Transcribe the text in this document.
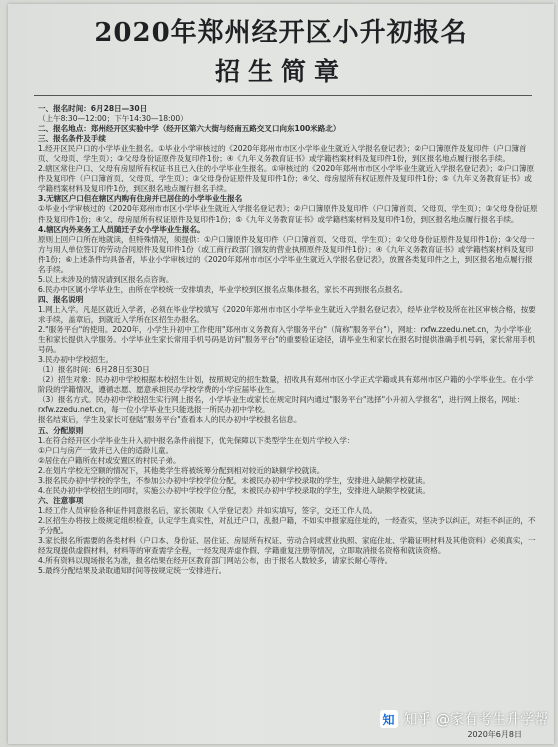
2020年郑州经开区小升初报名
招生简章

一、报名时间：6月28日—30日

（上午8:30—12:00；下午14:30—18:00）

二、报名地点：郑州经开区实验中学（经开区第六大街与经南五路交叉口向东100米路北）

三、报名条件及手续

1.经开区民户口的小学毕业生报名。①毕业小学审核过的《2020年郑州市市区小学毕业生就近入学报名登记表》；②户口簿原件及复印件（户口簿首页、父母页、学生页）；③父母身份证原件及复印件1份；④《九年义务教育证书》或学籍档案材料及复印件1份，到区报名地点履行报名手续。

2.辖区常住户口、父母有房屋所有权证书且已入住的小学毕业生报名。①审核过的《2020年郑州市市区小学毕业生就近入学报名登记表》；②户口簿原件及复印件（户口簿首页、父母页、学生页）；③父母身份证原件及复印件1份；④父、母房屋所有权证原件及复印件1份；⑤《九年义务教育证书》或学籍档案材料及复印件1份，到区报名地点履行报名手续。

3.无辖区户口但在辖区内购有住房并已居住的小学毕业生报名

①毕业小学审核过的《2020年郑州市市区小学毕业生就近入学报名登记表》；②户口簿原件及复印件（户口簿首页、父母页、学生页）；③父母身份证原件及复印件1份；④父、母房屋所有权证原件及复印件1份；⑤《九年义务教育证书》或学籍档案材料及复印件1份，到区报名地点履行报名手续。

4.辖区内外来务工人员随迁子女小学毕业生报名。

原则上回户口所在地就读，但特殊情况，须提供：①户口簿原件及复印件（户口簿首页、父母页、学生页）；②父母身份证原件及复印件1份；③父母一方与用人单位签订的劳动合同原件及复印件1份（或工商行政部门颁发的营业执照原件及复印件1份）；④《九年义务教育证书》或学籍档案材料及复印件1份；⑥上述条件均具备者，毕业小学审核过的《2020年郑州市市区小学毕业生就近入学报名登记表》，放置各类复印件之上，到区报名地点履行报名手续。

5.以上未涉及的情况请到区报名点咨询。

6.民办中区属小学毕业生，由所在学校统一安排填表，毕业学校到区报名点集体报名，家长不再到报名点报名。

四、报名说明

1.网上入学。凡是区就近入学者，必须在毕业学校填写《2020年郑州市市区小学毕业生就近入学报名登记表》，经毕业学校及所在社区审核合格，按要求手续，盖章后，到就近入学所在区招生办报名。

2."服务平台"的使用。2020年，小学生升初中工作使用"郑州市义务教育入学服务平台"（简称"服务平台"），网址：rxfw.zzedu.net.cn，为小学毕业生和家长提供入学服务。小学毕业生家长常用手机号码是访问"服务平台"的重要验证途径，请毕业生和家长在报名时提供准确手机号码，家长常用手机号码。

3.民办初中学校招生。

（1）报名时间：6月28日至30日

（2）招生对象：民办初中学校根据本校招生计划，按照规定的招生数量，招收具有郑州市区小学正式学籍或具有郑州市区户籍的小学毕业生。在小学阶段的学籍情况，遵循志愿、愿意承担民办学校学费的小学应届毕业生。

（3）报名方式。民办初中学校招生实行网上报名，小学毕业生或家长在规定时间内通过"服务平台"选择"小升初入学报名"，进行网上报名，网址：rxfw.zzedu.net.cn，每一位小学毕业生只能选报一所民办初中学校。

报名结束后，学生及家长可登陆"服务平台"查看本人的民办初中学校报名信息。

五、分配原则

1.在符合经开区小学毕业生升入初中报名条件前提下，优先保障以下类型学生在划片学校入学：

①户口与房产一致并已入住的适龄儿童。

②居住在户籍所在村或安置区的村民子弟。

2.在划片学校无空额的情况下，其他类学生将被统筹分配到相对较近的缺额学校就读。

3.报名民办初中学校的学生，不参加公办初中学校学位分配，未被民办初中学校录取的学生，安排进入缺额学校就读。

4.在民办初中学校招生的同时，实施公办初中学校学位分配，未被民办初中学校录取的学生，安排进入缺额学校就读。

六、注意事项

1.经工作人员审验各种证件同意报名后，家长领取《入学登记表》并如实填写，签字，交还工作人员。

2.区招生办将按上级规定组织检查，认定学生真实性，对乱迁户口，乱报户籍，不如实申报家庭住址的，一经查实，坚决予以纠正，对拒不纠正的，不予分配。

3.家长报名所需要的各类材料（户口本、身份证、居住证、房屋所有权证、劳动合同或营业执照、家庭住址、学籍证明材料及其他资料）必须真实，一经发现提供虚假材料，材料等的审查需学全程，一经发现弄虚作假、学籍重复注册等情况，立即取消报名资格和就读资格。

4.所有资料以现场报名为准，报名结果在经开区教育部门网站公布，由于报名人数较多，请家长耐心等待。

5.最终分配结果及录取通知时间等按规定统一安排进行。

2020年6月8日
知 知乎 @家有考生升学帮
